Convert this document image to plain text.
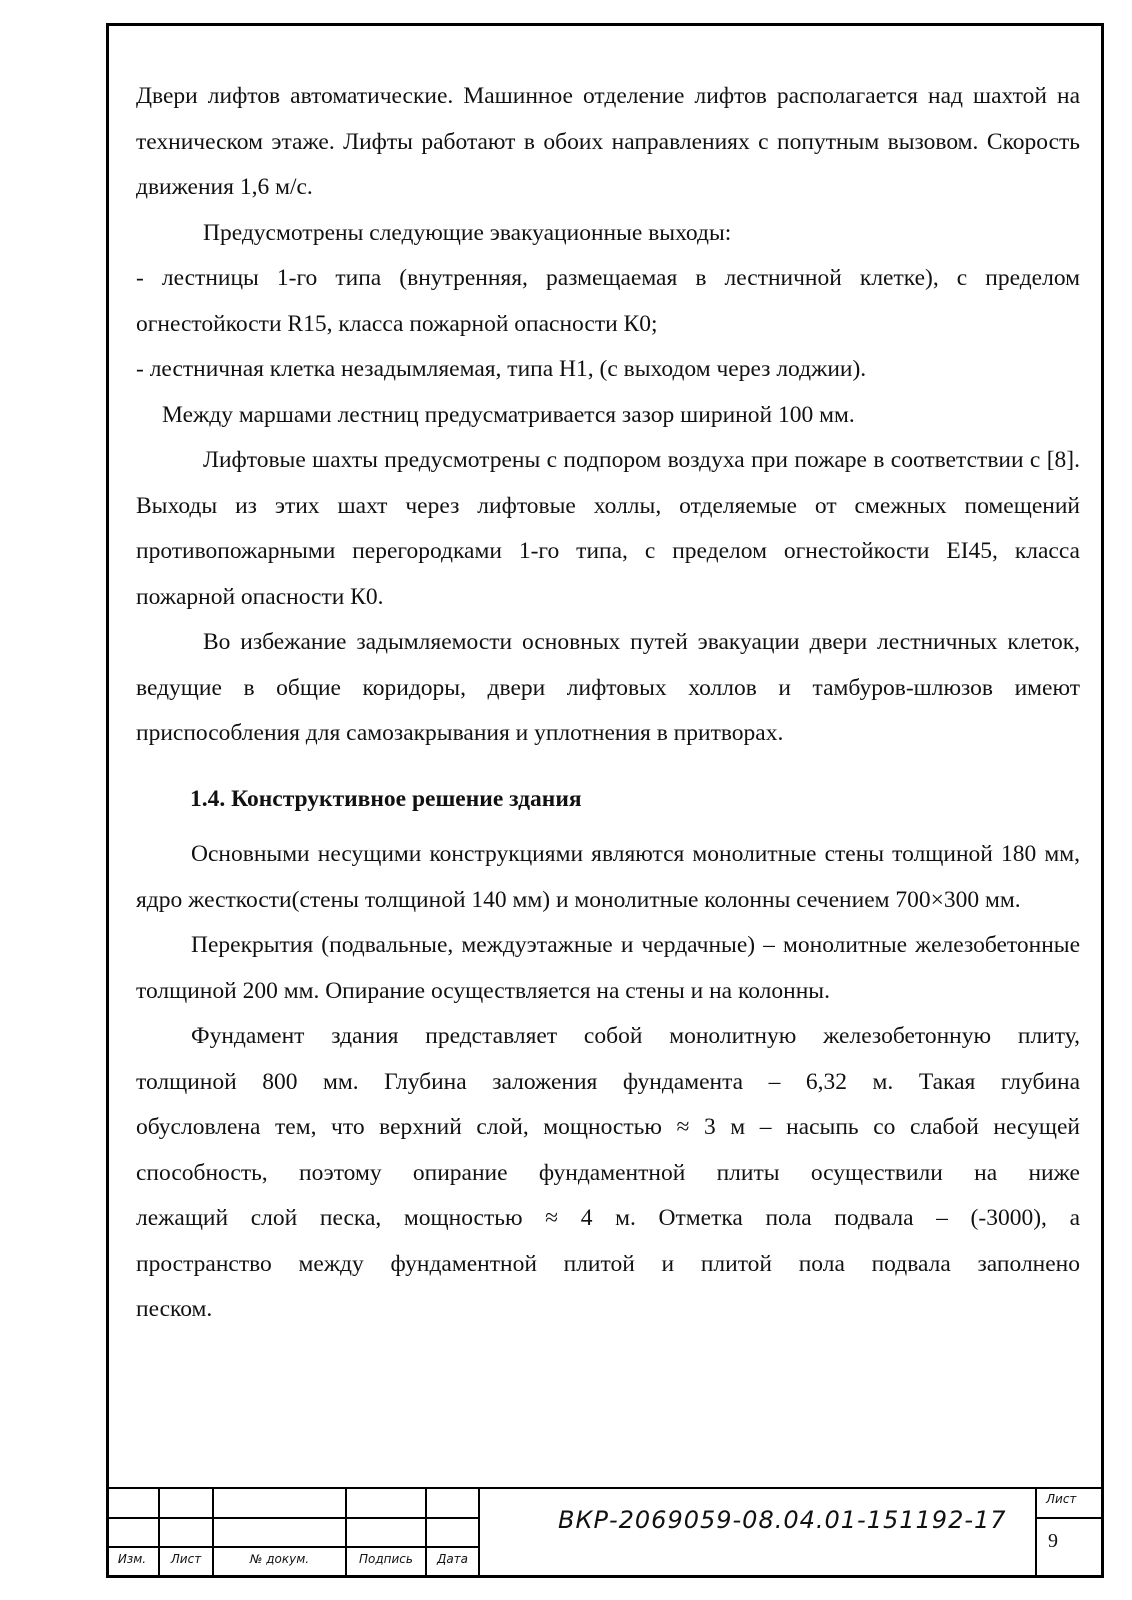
Двери лифтов автоматические. Машинное отделение лифтов располагается над шахтой на техническом этаже. Лифты работают в обоих направлениях с попутным вызовом. Скорость движения 1,6 м/с.

Предусмотрены следующие эвакуационные выходы:

- лестницы 1-го типа (внутренняя, размещаемая в лестничной клетке), с пределом огнестойкости R15, класса пожарной опасности К0;

- лестничная клетка незадымляемая, типа Н1, (с выходом через лоджии).

Между маршами лестниц предусматривается зазор шириной 100 мм.

Лифтовые шахты предусмотрены с подпором воздуха при пожаре в соответствии с [8]. Выходы из этих шахт через лифтовые холлы, отделяемые от смежных помещений противопожарными перегородками 1-го типа, с пределом огнестойкости EI45, класса пожарной опасности К0.

Во избежание задымляемости основных путей эвакуации двери лестничных клеток, ведущие в общие коридоры, двери лифтовых холлов и тамбуров-шлюзов имеют приспособления для самозакрывания и уплотнения в притворах.

1.4. Конструктивное решение здания

Основными несущими конструкциями являются монолитные стены толщиной 180 мм, ядро жесткости(стены толщиной 140 мм) и монолитные колонны сечением 700×300 мм.

Перекрытия (подвальные, междуэтажные и чердачные) – монолитные железобетонные толщиной 200 мм. Опирание осуществляется на стены и на колонны.

Фундамент здания представляет собой монолитную железобетонную плиту,

толщиной 800 мм. Глубина заложения фундамента – 6,32 м. Такая глубина

обусловлена тем, что верхний слой, мощностью ≈ 3 м – насыпь со слабой несущей

способность, поэтому опирание фундаментной плиты осуществили на ниже

лежащий слой песка, мощностью ≈ 4 м. Отметка пола подвала – (-3000), а

пространство между фундаментной плитой и плитой пола подвала заполнено

песком.

Изм.	Лист	№ докум.	Подпись	Дата
ВКР-2069059-08.04.01-151192-17
Лист
9
